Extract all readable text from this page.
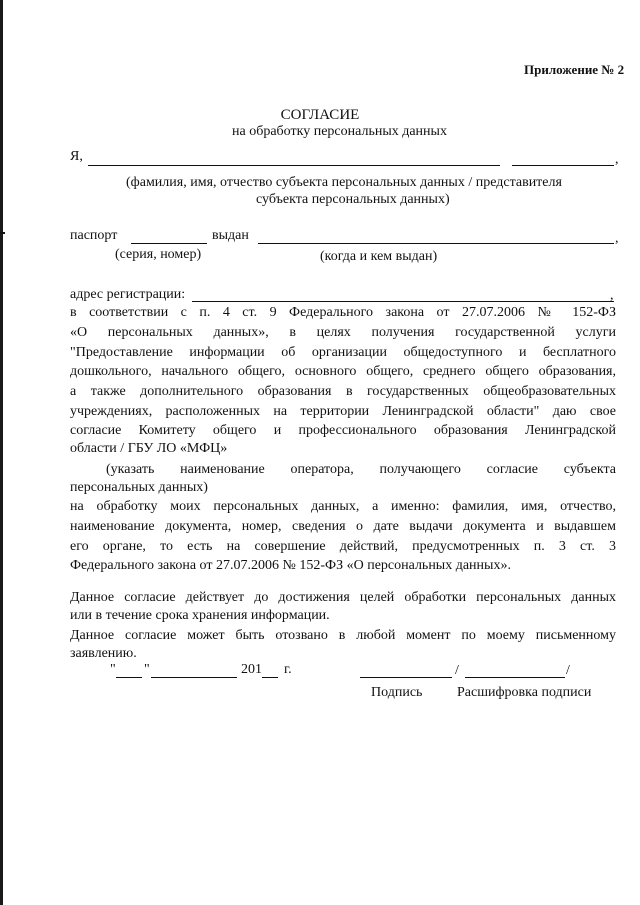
Приложение № 2
СОГЛАСИЕ
на обработку персональных данных
Я,	,
(фамилия, имя, отчество субъекта персональных данных / представителя
субъекта персональных данных)
паспорт	выдан	,
(серия, номер)	(когда и кем выдан)
адрес регистрации:	,
в соответствии с п. 4 ст. 9 Федерального закона от 27.07.2006 № 152-ФЗ
«О персональных данных», в целях получения государственной услуги
"Предоставление информации об организации общедоступного и бесплатного
дошкольного, начального общего, основного общего, среднего общего образования,
а также дополнительного образования в государственных общеобразовательных
учреждениях, расположенных на территории Ленинградской области" даю свое
согласие Комитету общего и профессионального образования Ленинградской
области / ГБУ ЛО «МФЦ»
(указать наименование оператора, получающего согласие субъекта
персональных данных)
на обработку моих персональных данных, а именно: фамилия, имя, отчество,
наименование документа, номер, сведения о дате выдачи документа и выдавшем
его органе, то есть на совершение действий, предусмотренных п. 3 ст. 3
Федерального закона от 27.07.2006 № 152-ФЗ «О персональных данных».
Данное согласие действует до достижения целей обработки персональных данных
или в течение срока хранения информации.
Данное согласие может быть отозвано в любой момент по моему письменному
заявлению.
" "	201 г.	/	/
Подпись Расшифровка подписи
